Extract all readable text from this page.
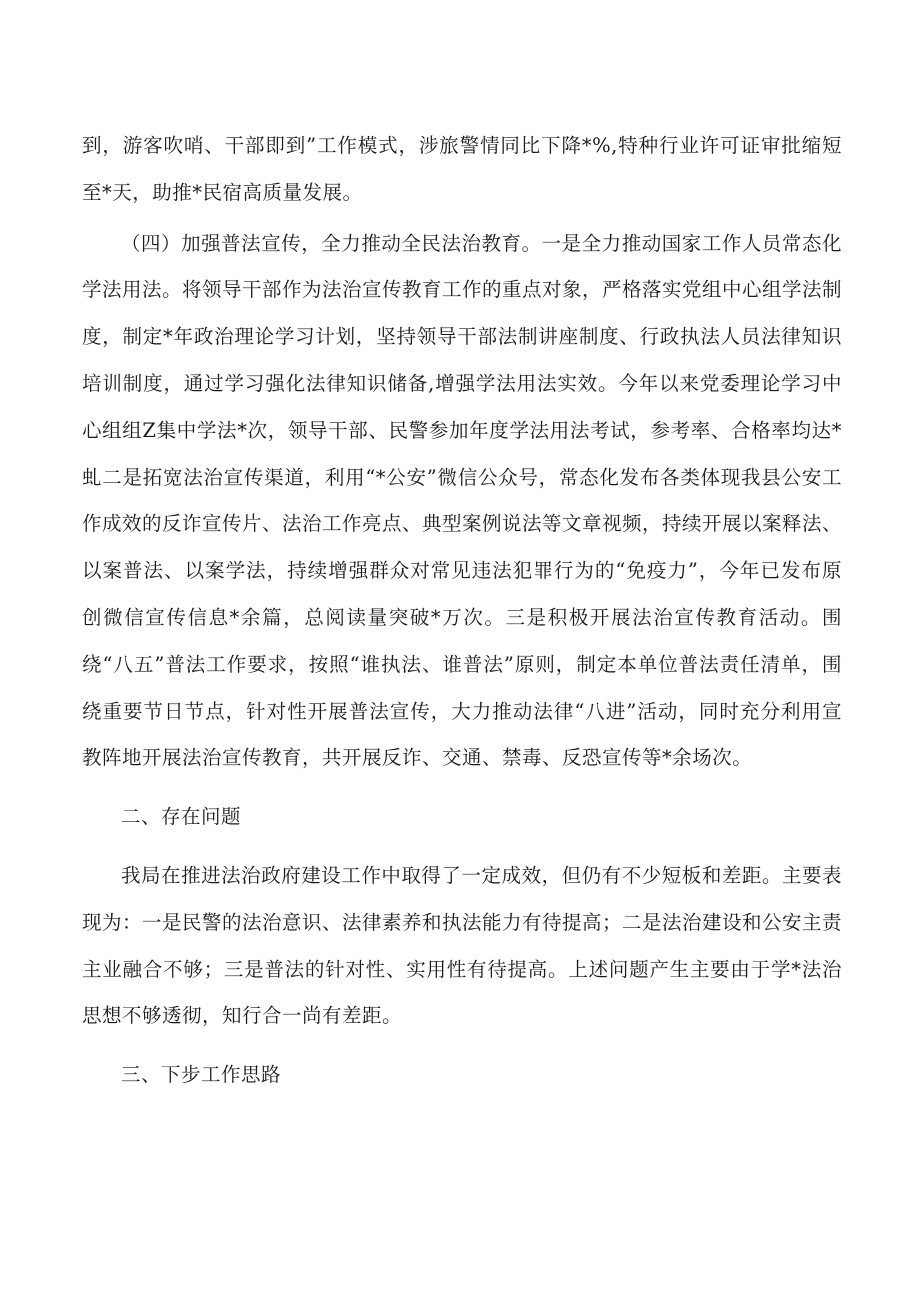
到，游客吹哨、干部即到”工作模式，涉旅警情同比下降*%,特种行业许可证审批缩短至*天，助推*民宿高质量发展。

（四）加强普法宣传，全力推动全民法治教育。一是全力推动国家工作人员常态化学法用法。将领导干部作为法治宣传教育工作的重点对象，严格落实党组中心组学法制度，制定*年政治理论学习计划，坚持领导干部法制讲座制度、行政执法人员法律知识培训制度，通过学习强化法律知识储备,增强学法用法实效。今年以来党委理论学习中心组组Z集中学法*次，领导干部、民警参加年度学法用法考试，参考率、合格率均达*虬二是拓宽法治宣传渠道，利用“*公安”微信公众号，常态化发布各类体现我县公安工作成效的反诈宣传片、法治工作亮点、典型案例说法等文章视频，持续开展以案释法、以案普法、以案学法，持续增强群众对常见违法犯罪行为的“免疫力”，今年已发布原创微信宣传信息*余篇，总阅读量突破*万次。三是积极开展法治宣传教育活动。围绕“八五”普法工作要求，按照“谁执法、谁普法”原则，制定本单位普法责任清单，围绕重要节日节点，针对性开展普法宣传，大力推动法律“八进”活动，同时充分利用宣教阵地开展法治宣传教育，共开展反诈、交通、禁毒、反恐宣传等*余场次。

二、存在问题

我局在推进法治政府建设工作中取得了一定成效，但仍有不少短板和差距。主要表现为：一是民警的法治意识、法律素养和执法能力有待提高；二是法治建设和公安主责主业融合不够；三是普法的针对性、实用性有待提高。上述问题产生主要由于学*法治思想不够透彻，知行合一尚有差距。

三、下步工作思路
